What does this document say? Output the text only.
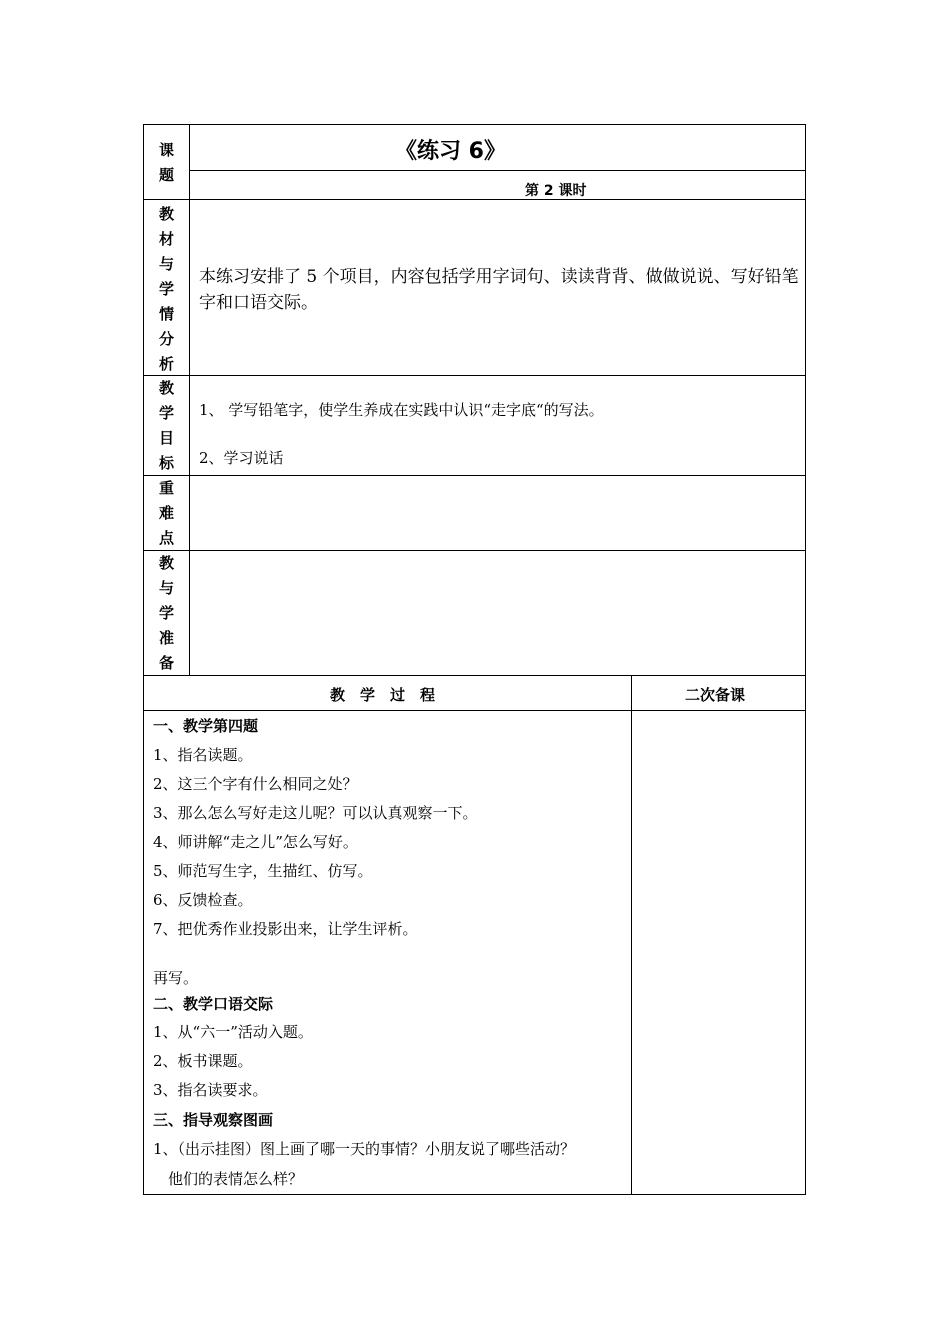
课
题
教
材
与
学
情
分
析
教
学
目
标
重
难
点
教
与
学
准
备
《练习 6》
第 2 课时
本练习安排了 5 个项目，内容包括学用字词句、读读背背、做做说说、写好铅笔字和口语交际。
1、 学写铅笔字，使学生养成在实践中认识“走字底“的写法。
2、学习说话
教　学　过　程	二次备课
一、教学第四题
1、指名读题。
2、这三个字有什么相同之处？
3、那么怎么写好走这儿呢？可以认真观察一下。
4、师讲解“走之儿”怎么写好。
5、师范写生字，生描红、仿写。
6、反馈检查。
7、把优秀作业投影出来，让学生评析。
再写。
二、教学口语交际
1、从“六一”活动入题。
2、板书课题。
3、指名读要求。
三、指导观察图画
1、（出示挂图）图上画了哪一天的事情？小朋友说了哪些活动？
　他们的表情怎么样？
